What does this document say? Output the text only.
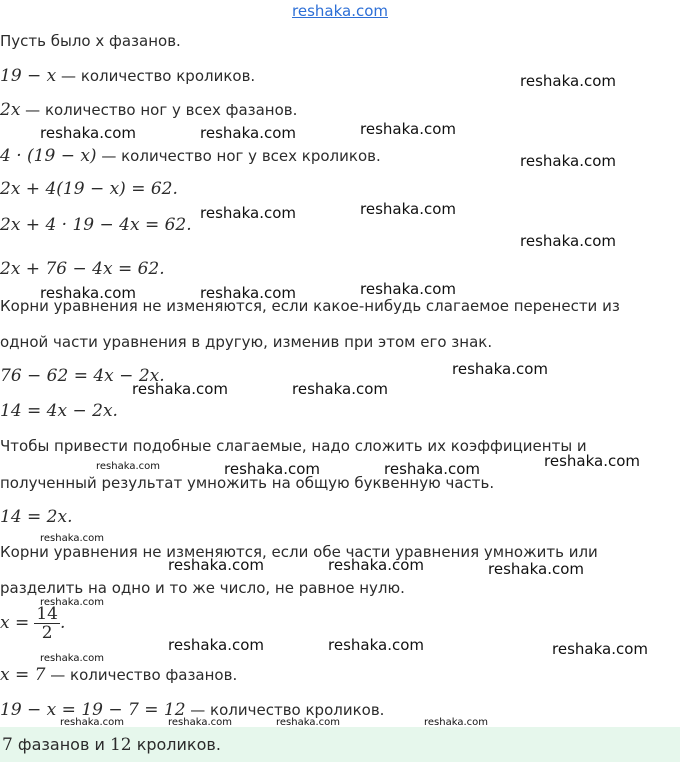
reshaka.com
Пусть было x фазанов.
19 − x — количество кроликов.
2x — количество ног у всех фазанов.
4 · (19 − x) — количество ног у всех кроликов.
2x + 4(19 − x) = 62.
2x + 4 · 19 − 4x = 62.
2x + 76 − 4x = 62.
Корни уравнения не изменяются, если какое-нибудь слагаемое перенести из
одной части уравнения в другую, изменив при этом его знак.
76 − 62 = 4x − 2x.
14 = 4x − 2x.
Чтобы привести подобные слагаемые, надо сложить их коэффициенты и
полученный результат умножить на общую буквенную часть.
14 = 2x.
Корни уравнения не изменяются, если обе части уравнения умножить или
разделить на одно и то же число, не равное нулю.
$x = \frac{14}{2}$ .
x = 7 — количество фазанов.
19 − x = 19 − 7 = 12 — количество кроликов.
7 фазанов и 12 кроликов.
reshaka.com
reshaka.com	reshaka.com	reshaka.com
reshaka.com
reshaka.com	reshaka.com
reshaka.com
reshaka.com	reshaka.com	reshaka.com
reshaka.com
reshaka.com	reshaka.com
reshaka.com
reshaka.com	reshaka.com
reshaka.com	reshaka.com	reshaka.com
reshaka.com	reshaka.com	reshaka.com
reshaka.com
reshaka.com
reshaka.com
reshaka.com
reshaka.com	reshaka.com	reshaka.com	reshaka.com
